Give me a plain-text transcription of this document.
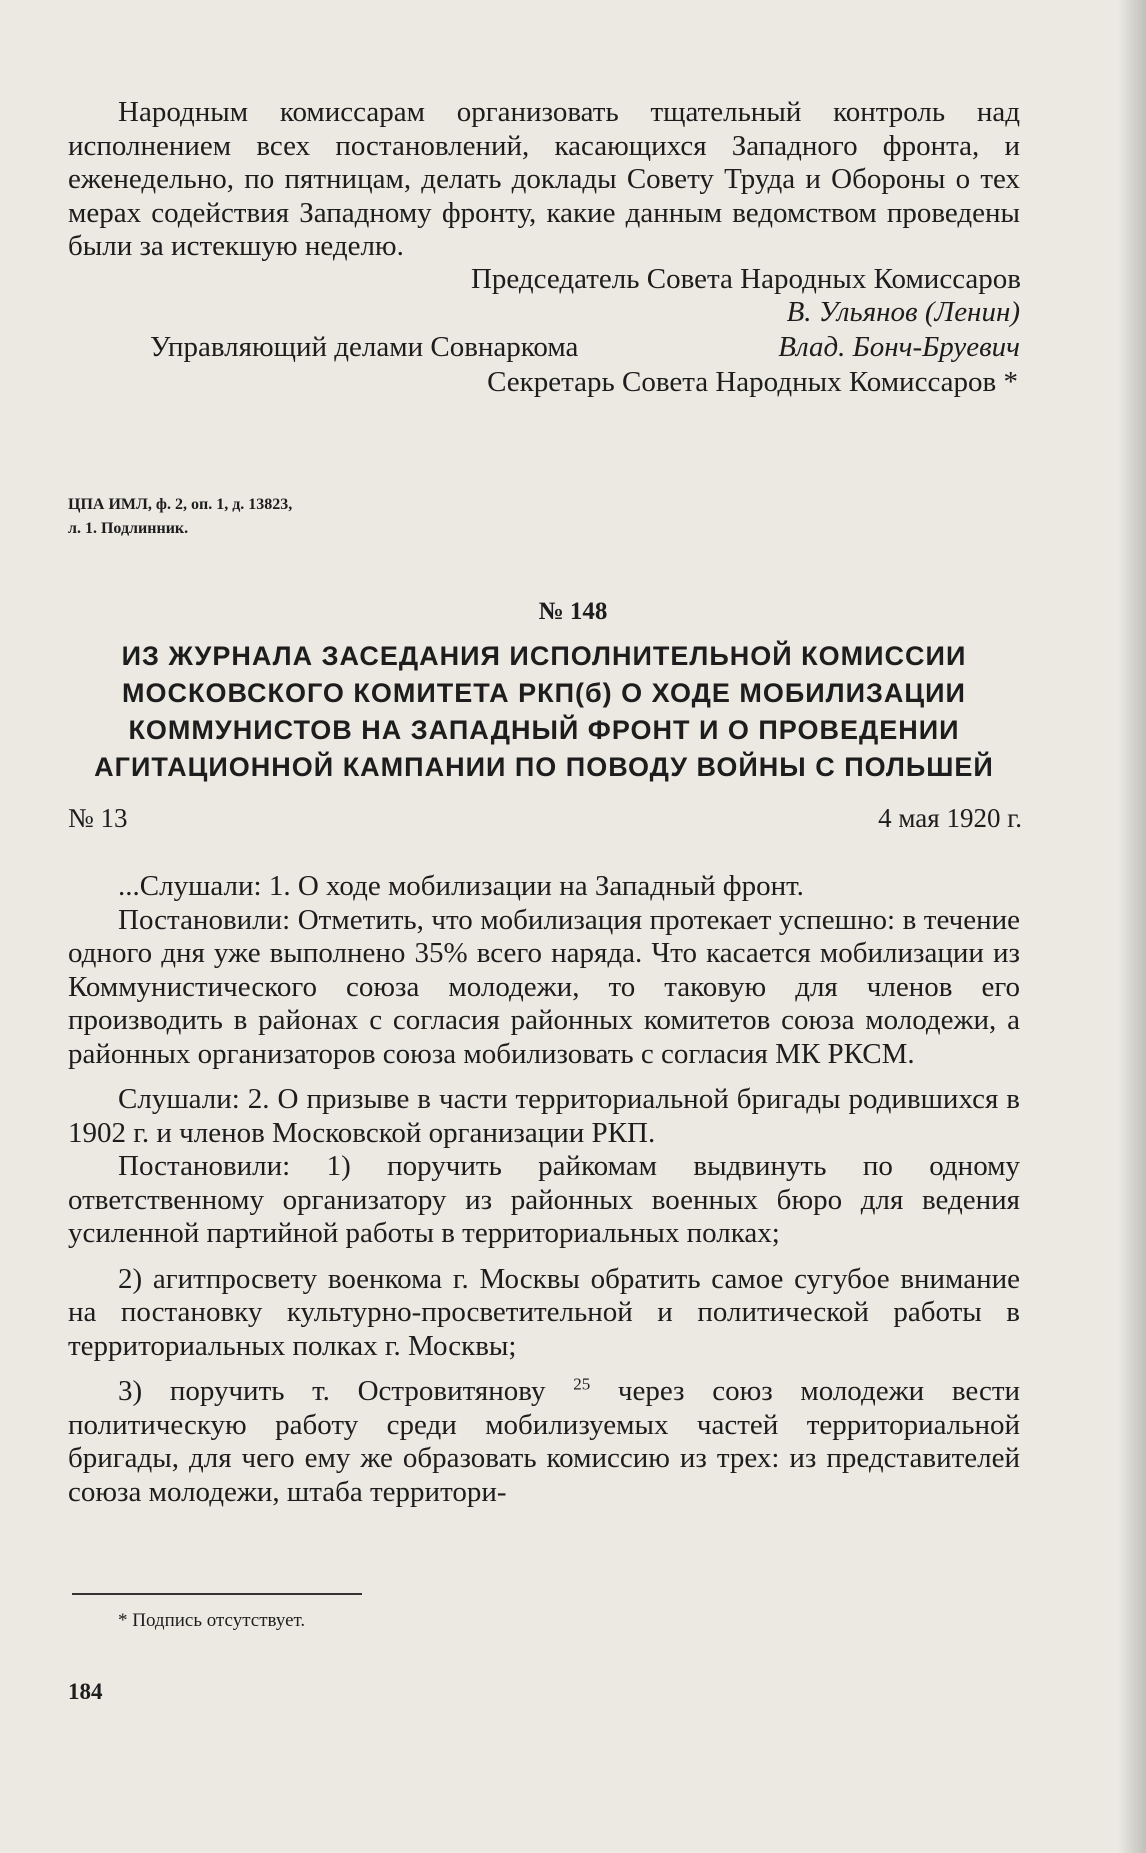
Народным комиссарам организовать тщательный контроль над исполнением всех постановлений, касающихся Западного фронта, и еженедельно, по пятницам, делать доклады Совету Труда и Обороны о тех мерах содействия Западному фронту, какие данным ведомством проведены были за истекшую неделю.

Председатель Совета Народных Комиссаров
В. Ульянов (Ленин)
Управляющий делами Совнаркома	Влад. Бонч-Бруевич
Секретарь Совета Народных Комиссаров *
ЦПА ИМЛ, ф. 2, оп. 1, д. 13823,
л. 1. Подлинник.
№ 148
ИЗ ЖУРНАЛА ЗАСЕДАНИЯ ИСПОЛНИТЕЛЬНОЙ КОМИССИИ
МОСКОВСКОГО КОМИТЕТА РКП(б) О ХОДЕ МОБИЛИЗАЦИИ
КОММУНИСТОВ НА ЗАПАДНЫЙ ФРОНТ И О ПРОВЕДЕНИИ
АГИТАЦИОННОЙ КАМПАНИИ ПО ПОВОДУ ВОЙНЫ С ПОЛЬШЕЙ
№ 13	4 мая 1920 г.

...Слушали: 1. О ходе мобилизации на Западный фронт.

Постановили: Отметить, что мобилизация протекает успешно: в течение одного дня уже выполнено 35% всего наряда. Что касается мобилизации из Коммунистического союза молодежи, то таковую для членов его производить в районах с согласия районных комитетов союза молодежи, а районных организаторов союза мобилизовать с согласия МК РКСМ.

Слушали: 2. О призыве в части территориальной бригады родившихся в 1902 г. и членов Московской организации РКП.

Постановили: 1) поручить райкомам выдвинуть по одному ответственному организатору из районных военных бюро для ведения усиленной партийной работы в территориальных полках;

2) агитпросвету военкома г. Москвы обратить самое сугубое внимание на постановку культурно-просветительной и политической работы в территориальных полках г. Москвы;

3) поручить т. Островитянову $^{25}$ через союз молодежи вести политическую работу среди мобилизуемых частей территориальной бригады, для чего ему же образовать комиссию из трех: из представителей союза молодежи, штаба территори-

* Подпись отсутствует.
184
